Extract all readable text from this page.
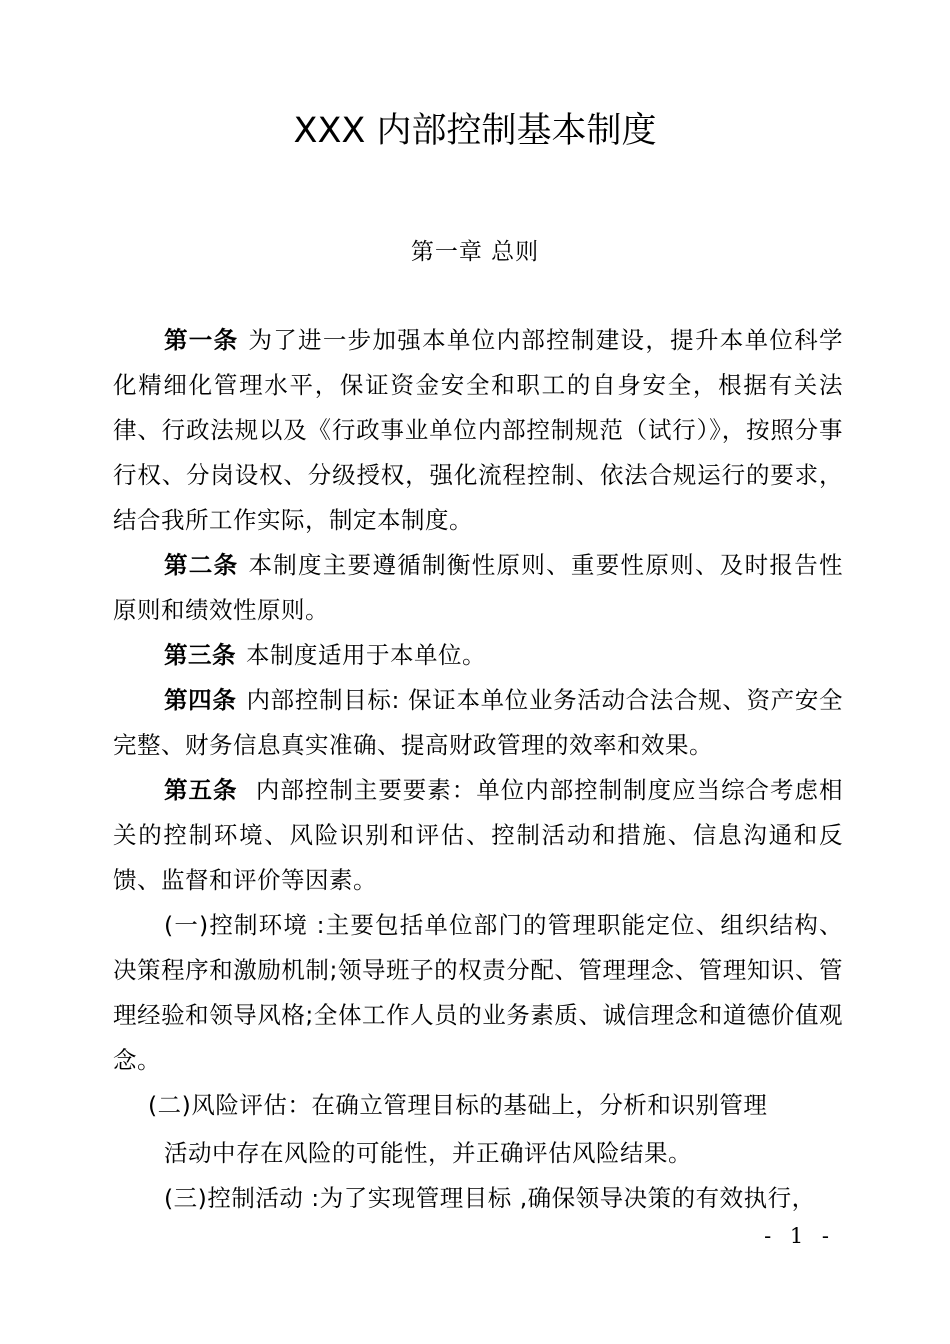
XXX 内部控制基本制度
第一章 总则

第一条 为了进一步加强本单位内部控制建设，提升本单位科学化精细化管理水平，保证资金安全和职工的自身安全，根据有关法律、行政法规以及《行政事业单位内部控制规范（试行）》，按照分事行权、分岗设权、分级授权，强化流程控制、依法合规运行的要求，结合我所工作实际，制定本制度。

第二条 本制度主要遵循制衡性原则、重要性原则、及时报告性原则和绩效性原则。

第三条 本制度适用于本单位。

第四条 内部控制目标: 保证本单位业务活动合法合规、资产安全完整、财务信息真实准确、提高财政管理的效率和效果。

第五条 内部控制主要要素：单位内部控制制度应当综合考虑相关的控制环境、风险识别和评估、控制活动和措施、信息沟通和反馈、监督和评价等因素。

(一)控制环境 :主要包括单位部门的管理职能定位、组织结构、决策程序和激励机制;领导班子的权责分配、管理理念、管理知识、管理经验和领导风格;全体工作人员的业务素质、诚信理念和道德价值观念。

(二)风险评估：在确立管理目标的基础上，分析和识别管理

活动中存在风险的可能性，并正确评估风险结果。

(三)控制活动 :为了实现管理目标 ,确保领导决策的有效执行，

- 1 -
